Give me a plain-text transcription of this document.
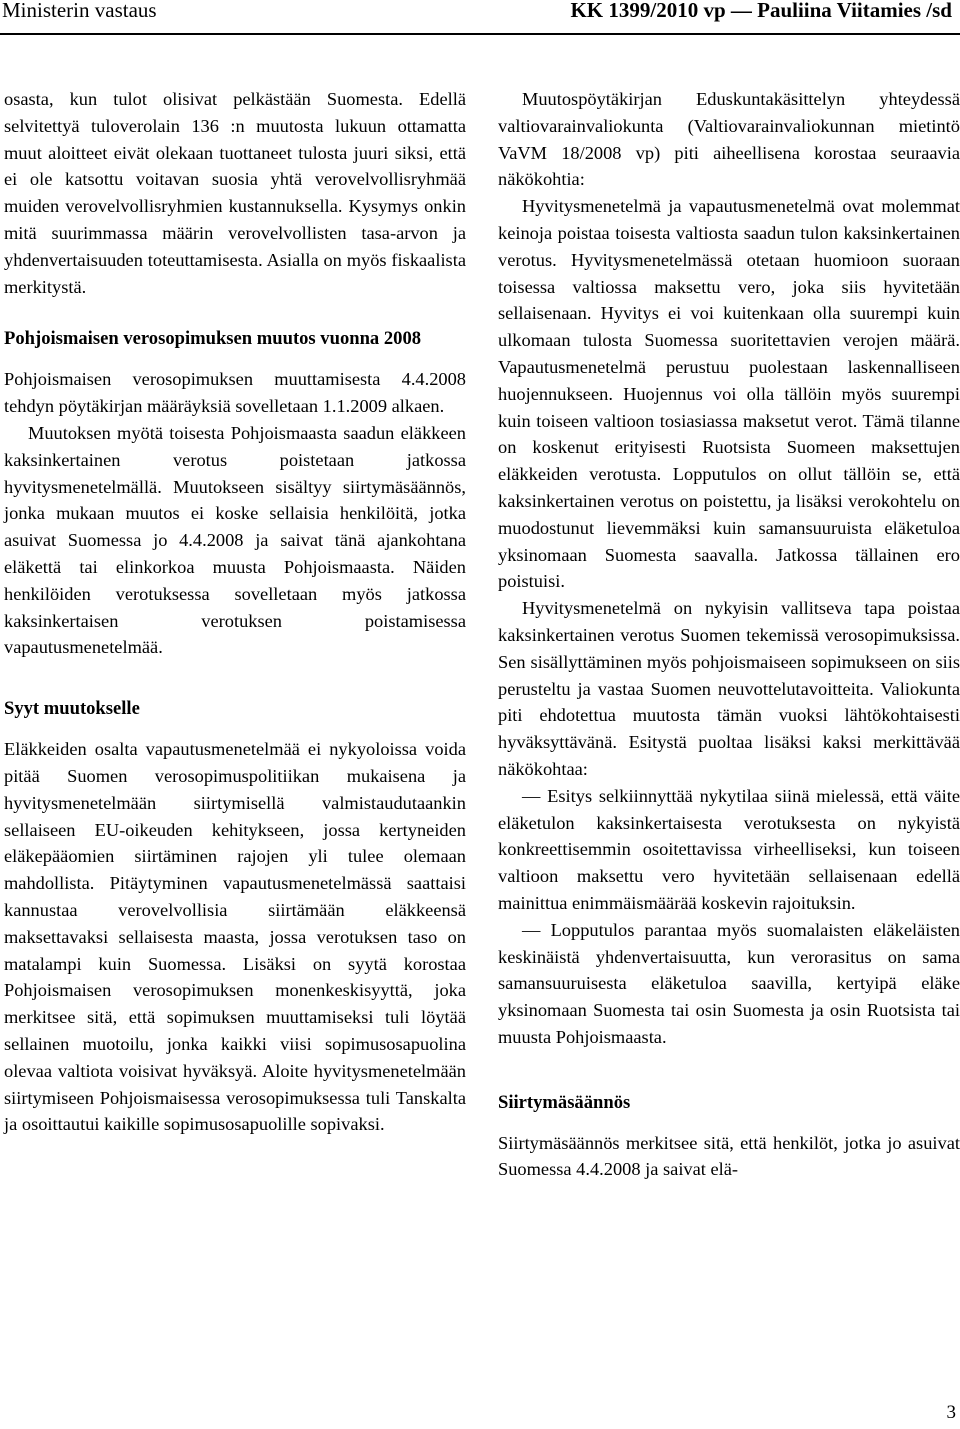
Ministerin vastaus	KK 1399/2010 vp — Pauliina Viitamies /sd

osasta, kun tulot olisivat pelkästään Suomesta. Edellä selvitettyä tuloverolain 136 :n muutosta lukuun ottamatta muut aloitteet eivät olekaan tuottaneet tulosta juuri siksi, että ei ole katsottu voitavan suosia yhtä verovelvollisryhmää muiden verovelvollisryhmien kustannuksella. Kysymys onkin mitä suurimmassa määrin verovelvollisten tasa-arvon ja yhdenvertaisuuden toteuttamisesta. Asialla on myös fiskaalista merkitystä.

Pohjoismaisen verosopimuksen muutos vuonna 2008

Pohjoismaisen verosopimuksen muuttamisesta 4.4.2008 tehdyn pöytäkirjan määräyksiä sovelletaan 1.1.2009 alkaen.

Muutoksen myötä toisesta Pohjoismaasta saadun eläkkeen kaksinkertainen verotus poistetaan jatkossa hyvitysmenetelmällä. Muutokseen sisältyy siirtymäsäännös, jonka mukaan muutos ei koske sellaisia henkilöitä, jotka asuivat Suomessa jo 4.4.2008 ja saivat tänä ajankohtana eläkettä tai elinkorkoa muusta Pohjoismaasta. Näiden henkilöiden verotuksessa sovelletaan myös jatkossa kaksinkertaisen verotuksen poistamisessa vapautusmenetelmää.

Syyt muutokselle

Eläkkeiden osalta vapautusmenetelmää ei nykyoloissa voida pitää Suomen verosopimuspolitiikan mukaisena ja hyvitysmenetelmään siirtymisellä valmistaudutaankin sellaiseen EU-oikeuden kehitykseen, jossa kertyneiden eläkepääomien siirtäminen rajojen yli tulee olemaan mahdollista. Pitäytyminen vapautusmenetelmässä saattaisi kannustaa verovelvollisia siirtämään eläkkeensä maksettavaksi sellaisesta maasta, jossa verotuksen taso on matalampi kuin Suomessa. Lisäksi on syytä korostaa Pohjoismaisen verosopimuksen monenkeskisyyttä, joka merkitsee sitä, että sopimuksen muuttamiseksi tuli löytää sellainen muotoilu, jonka kaikki viisi sopimusosapuolina olevaa valtiota voisivat hyväksyä. Aloite hyvitysmenetelmään siirtymiseen Pohjoismaisessa verosopimuksessa tuli Tanskalta ja osoittautui kaikille sopimusosapuolille sopivaksi.

Muutospöytäkirjan Eduskuntakäsittelyn yhteydessä valtiovarainvaliokunta (Valtiovarainvaliokunnan mietintö VaVM 18/2008 vp) piti aiheellisena korostaa seuraavia näkökohtia:

Hyvitysmenetelmä ja vapautusmenetelmä ovat molemmat keinoja poistaa toisesta valtiosta saadun tulon kaksinkertainen verotus. Hyvitysmenetelmässä otetaan huomioon suoraan toisessa valtiossa maksettu vero, joka siis hyvitetään sellaisenaan. Hyvitys ei voi kuitenkaan olla suurempi kuin ulkomaan tulosta Suomessa suoritettavien verojen määrä. Vapautusmenetelmä perustuu puolestaan laskennalliseen huojennukseen. Huojennus voi olla tällöin myös suurempi kuin toiseen valtioon tosiasiassa maksetut verot. Tämä tilanne on koskenut erityisesti Ruotsista Suomeen maksettujen eläkkeiden verotusta. Lopputulos on ollut tällöin se, että kaksinkertainen verotus on poistettu, ja lisäksi verokohtelu on muodostunut lievemmäksi kuin samansuuruista eläketuloa yksinomaan Suomesta saavalla. Jatkossa tällainen ero poistuisi.

Hyvitysmenetelmä on nykyisin vallitseva tapa poistaa kaksinkertainen verotus Suomen tekemissä verosopimuksissa. Sen sisällyttäminen myös pohjoismaiseen sopimukseen on siis perusteltu ja vastaa Suomen neuvottelutavoitteita. Valiokunta piti ehdotettua muutosta tämän vuoksi lähtökohtaisesti hyväksyttävänä. Esitystä puoltaa lisäksi kaksi merkittävää näkökohtaa:

— Esitys selkiinnyttää nykytilaa siinä mielessä, että väite eläketulon kaksinkertaisesta verotuksesta on nykyistä konkreettisemmin osoitettavissa virheelliseksi, kun toiseen valtioon maksettu vero hyvitetään sellaisenaan edellä mainittua enimmäismäärää koskevin rajoituksin.

— Lopputulos parantaa myös suomalaisten eläkeläisten keskinäistä yhdenvertaisuutta, kun verorasitus on sama samansuuruisesta eläketuloa saavilla, kertyipä eläke yksinomaan Suomesta tai osin Suomesta ja osin Ruotsista tai muusta Pohjoismaasta.

Siirtymäsäännös

Siirtymäsäännös merkitsee sitä, että henkilöt, jotka jo asuivat Suomessa 4.4.2008 ja saivat elä-

3
